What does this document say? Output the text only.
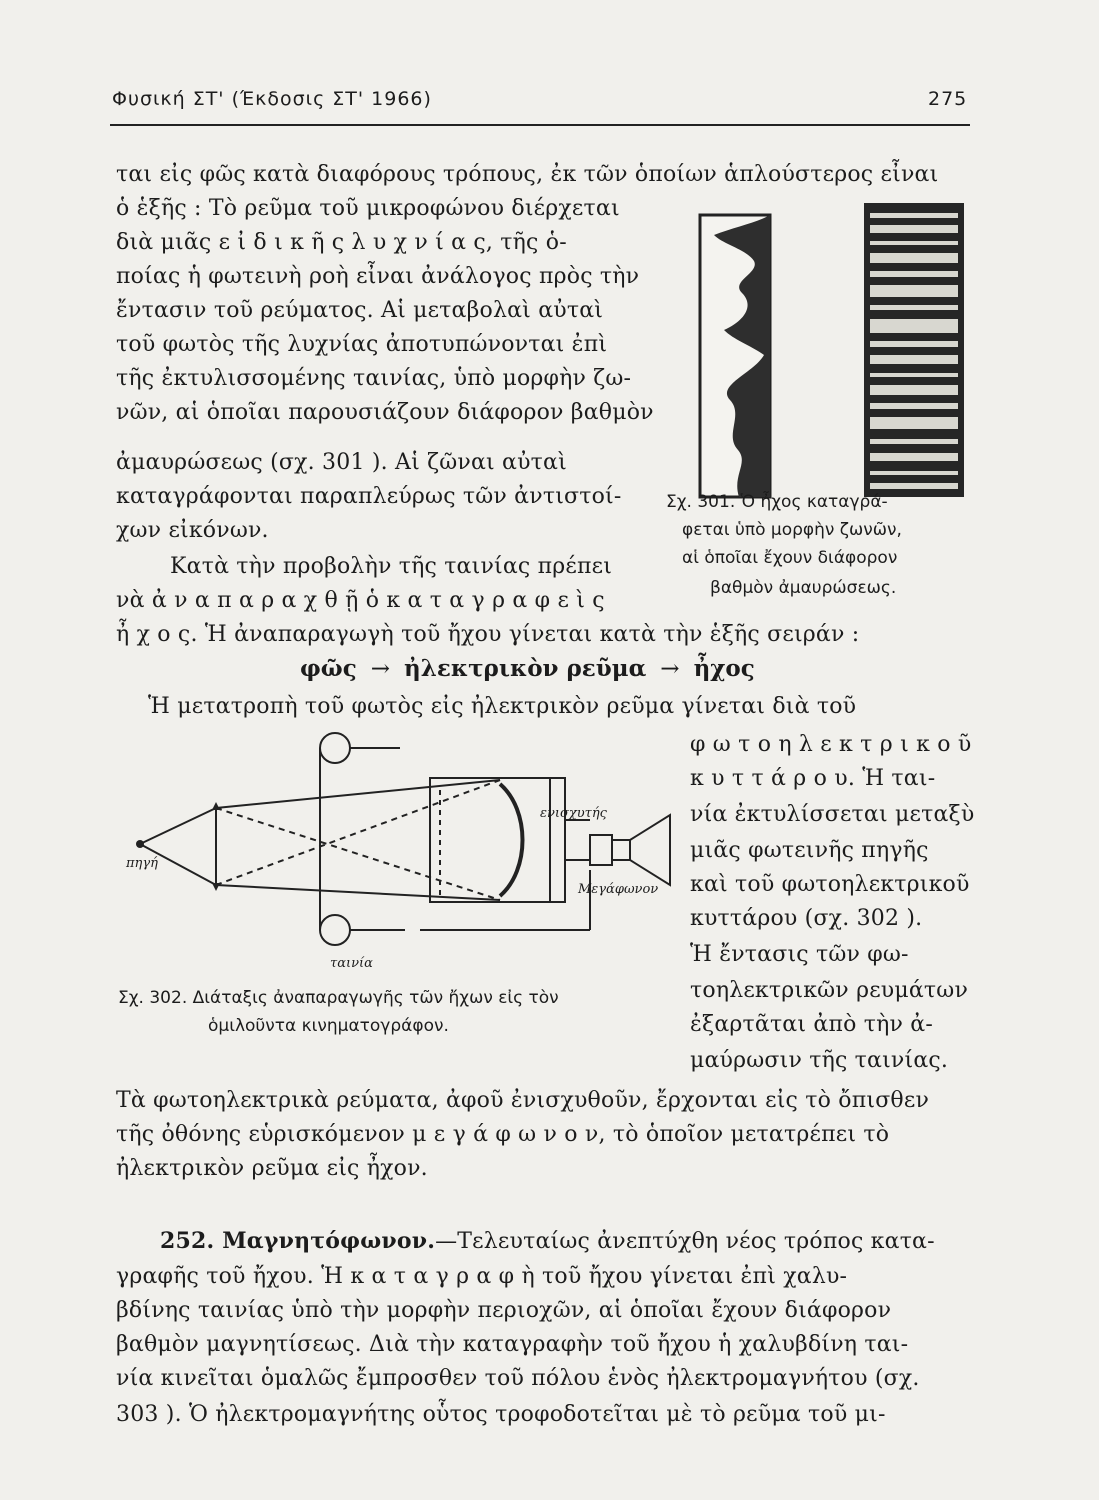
Φυσική ΣΤ' (Έκδοσις ΣΤ' 1966)	275
ται εἰς φῶς κατὰ διαφόρους τρόπους, ἐκ τῶν ὁποίων ἁπλούστερος εἶναι
ὁ ἑξῆς : Τὸ ρεῦμα τοῦ μικροφώνου διέρχεται
διὰ μιᾶς ε ἰ δ ι κ ῆ ς λ υ χ ν ί α ς, τῆς ὁ-
ποίας ἡ φωτεινὴ ροὴ εἶναι ἀνάλογος πρὸς τὴν
ἔντασιν τοῦ ρεύματος. Αἱ μεταβολαὶ αὐταὶ
τοῦ φωτὸς τῆς λυχνίας ἀποτυπώνονται ἐπὶ
τῆς ἐκτυλισσομένης ταινίας, ὑπὸ μορφὴν ζω-
νῶν, αἱ ὁποῖαι παρουσιάζουν διάφορον βαθμὸν
ἀμαυρώσεως (σχ. 301 ). Αἱ ζῶναι αὐταὶ
καταγράφονται παραπλεύρως τῶν ἀντιστοί-
χων εἰκόνων.
Κατὰ τὴν προβολὴν τῆς ταινίας πρέπει
νὰ ἀ ν α π α ρ α χ θ ῇ ὁ κ α τ α γ ρ α φ ε ὶ ς
ἦ χ ο ς. Ἡ ἀναπαραγωγὴ τοῦ ἤχου γίνεται κατὰ τὴν ἑξῆς σειράν :
Σχ. 301. Ὁ ἦχος καταγρά-
φεται ὑπὸ μορφὴν ζωνῶν,
αἱ ὁποῖαι ἔχουν διάφορον
βαθμὸν ἀμαυρώσεως.
φῶς → ἠλεκτρικὸν ρεῦμα → ἦχος
Ἡ μετατροπὴ τοῦ φωτὸς εἰς ἠλεκτρικὸν ρεῦμα γίνεται διὰ τοῦ
φ ω τ ο η λ ε κ τ ρ ι κ ο ῦ
κ υ τ τ ά ρ ο υ. Ἡ ται-
νία ἐκτυλίσσεται μεταξὺ
μιᾶς φωτεινῆς πηγῆς
καὶ τοῦ φωτοηλεκτρικοῦ
κυττάρου (σχ. 302 ).
Ἡ ἔντασις τῶν φω-
τοηλεκτρικῶν ρευμάτων
ἐξαρτᾶται ἀπὸ τὴν ἀ-
μαύρωσιν τῆς ταινίας.
πηγή
ενισχυτής
Μεγάφωνον
ταινία
Σχ. 302. Διάταξις ἀναπαραγωγῆς τῶν ἤχων εἰς τὸν
ὁμιλοῦντα κινηματογράφον.
Τὰ φωτοηλεκτρικὰ ρεύματα, ἀφοῦ ἐνισχυθοῦν, ἔρχονται εἰς τὸ ὄπισθεν
τῆς ὀθόνης εὑρισκόμενον μ ε γ ά φ ω ν ο ν, τὸ ὁποῖον μετατρέπει τὸ
ἠλεκτρικὸν ρεῦμα εἰς ἦχον.
252. Μαγνητόφωνον.—Τελευταίως ἀνεπτύχθη νέος τρόπος κατα-
γραφῆς τοῦ ἤχου. Ἡ κ α τ α γ ρ α φ ὴ τοῦ ἤχου γίνεται ἐπὶ χαλυ-
βδίνης ταινίας ὑπὸ τὴν μορφὴν περιοχῶν, αἱ ὁποῖαι ἔχουν διάφορον
βαθμὸν μαγνητίσεως. Διὰ τὴν καταγραφὴν τοῦ ἤχου ἡ χαλυβδίνη ται-
νία κινεῖται ὁμαλῶς ἔμπροσθεν τοῦ πόλου ἑνὸς ἠλεκτρομαγνήτου (σχ.
303 ). Ὁ ἠλεκτρομαγνήτης οὗτος τροφοδοτεῖται μὲ τὸ ρεῦμα τοῦ μι-
